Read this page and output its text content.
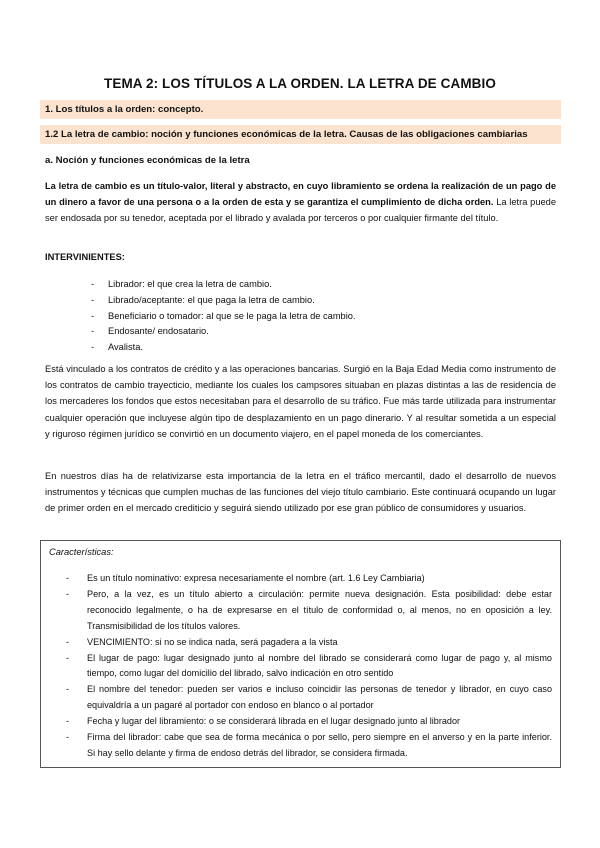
TEMA 2: LOS TÍTULOS A LA ORDEN. LA LETRA DE CAMBIO
1. Los títulos a la orden: concepto.
1.2 La letra de cambio: noción y funciones económicas de la letra. Causas de las obligaciones cambiarias
a. Noción y funciones económicas de la letra

La letra de cambio es un título-valor, literal y abstracto, en cuyo libramiento se ordena la realización de un pago de un dinero a favor de una persona o a la orden de esta y se garantiza el cumplimiento de dicha orden. La letra puede ser endosada por su tenedor, aceptada por el librado y avalada por terceros o por cualquier firmante del título.

INTERVINIENTES:
- Librador: el que crea la letra de cambio.
- Librado/aceptante: el que paga la letra de cambio.
- Beneficiario o tomador: al que se le paga la letra de cambio.
- Endosante/ endosatario.
- Avalista.

Está vinculado a los contratos de crédito y a las operaciones bancarias. Surgió en la Baja Edad Media como instrumento de los contratos de cambio trayecticio, mediante los cuales los campsores situaban en plazas distintas a las de residencia de los mercaderes los fondos que estos necesitaban para el desarrollo de su tráfico. Fue más tarde utilizada para instrumentar cualquier operación que incluyese algún tipo de desplazamiento en un pago dinerario. Y al resultar sometida a un especial y riguroso régimen jurídico se convirtió en un documento viajero, en el papel moneda de los comerciantes.

En nuestros días ha de relativizarse esta importancia de la letra en el tráfico mercantil, dado el desarrollo de nuevos instrumentos y técnicas que cumplen muchas de las funciones del viejo título cambiario. Este continuará ocupando un lugar de primer orden en el mercado crediticio y seguirá siendo utilizado por ese gran público de consumidores y usuarios.

Características:
- Es un título nominativo: expresa necesariamente el nombre (art. 1.6 Ley Cambiaria)
- Pero, a la vez, es un título abierto a circulación: permite nueva designación. Esta posibilidad: debe estar reconocido legalmente, o ha de expresarse en el título de conformidad o, al menos, no en oposición a ley. Transmisibilidad de los títulos valores.
- VENCIMIENTO: si no se indica nada, será pagadera a la vista
- El lugar de pago: lugar designado junto al nombre del librado se considerará como lugar de pago y, al mismo tiempo, como lugar del domicilio del librado, salvo indicación en otro sentido
- El nombre del tenedor: pueden ser varios e incluso coincidir las personas de tenedor y librador, en cuyo caso equivaldría a un pagaré al portador con endoso en blanco o al portador
- Fecha y lugar del libramiento: o se considerará librada en el lugar designado junto al librador
- Firma del librador: cabe que sea de forma mecánica o por sello, pero siempre en el anverso y en la parte inferior. Si hay sello delante y firma de endoso detrás del librador, se considera firmada.
